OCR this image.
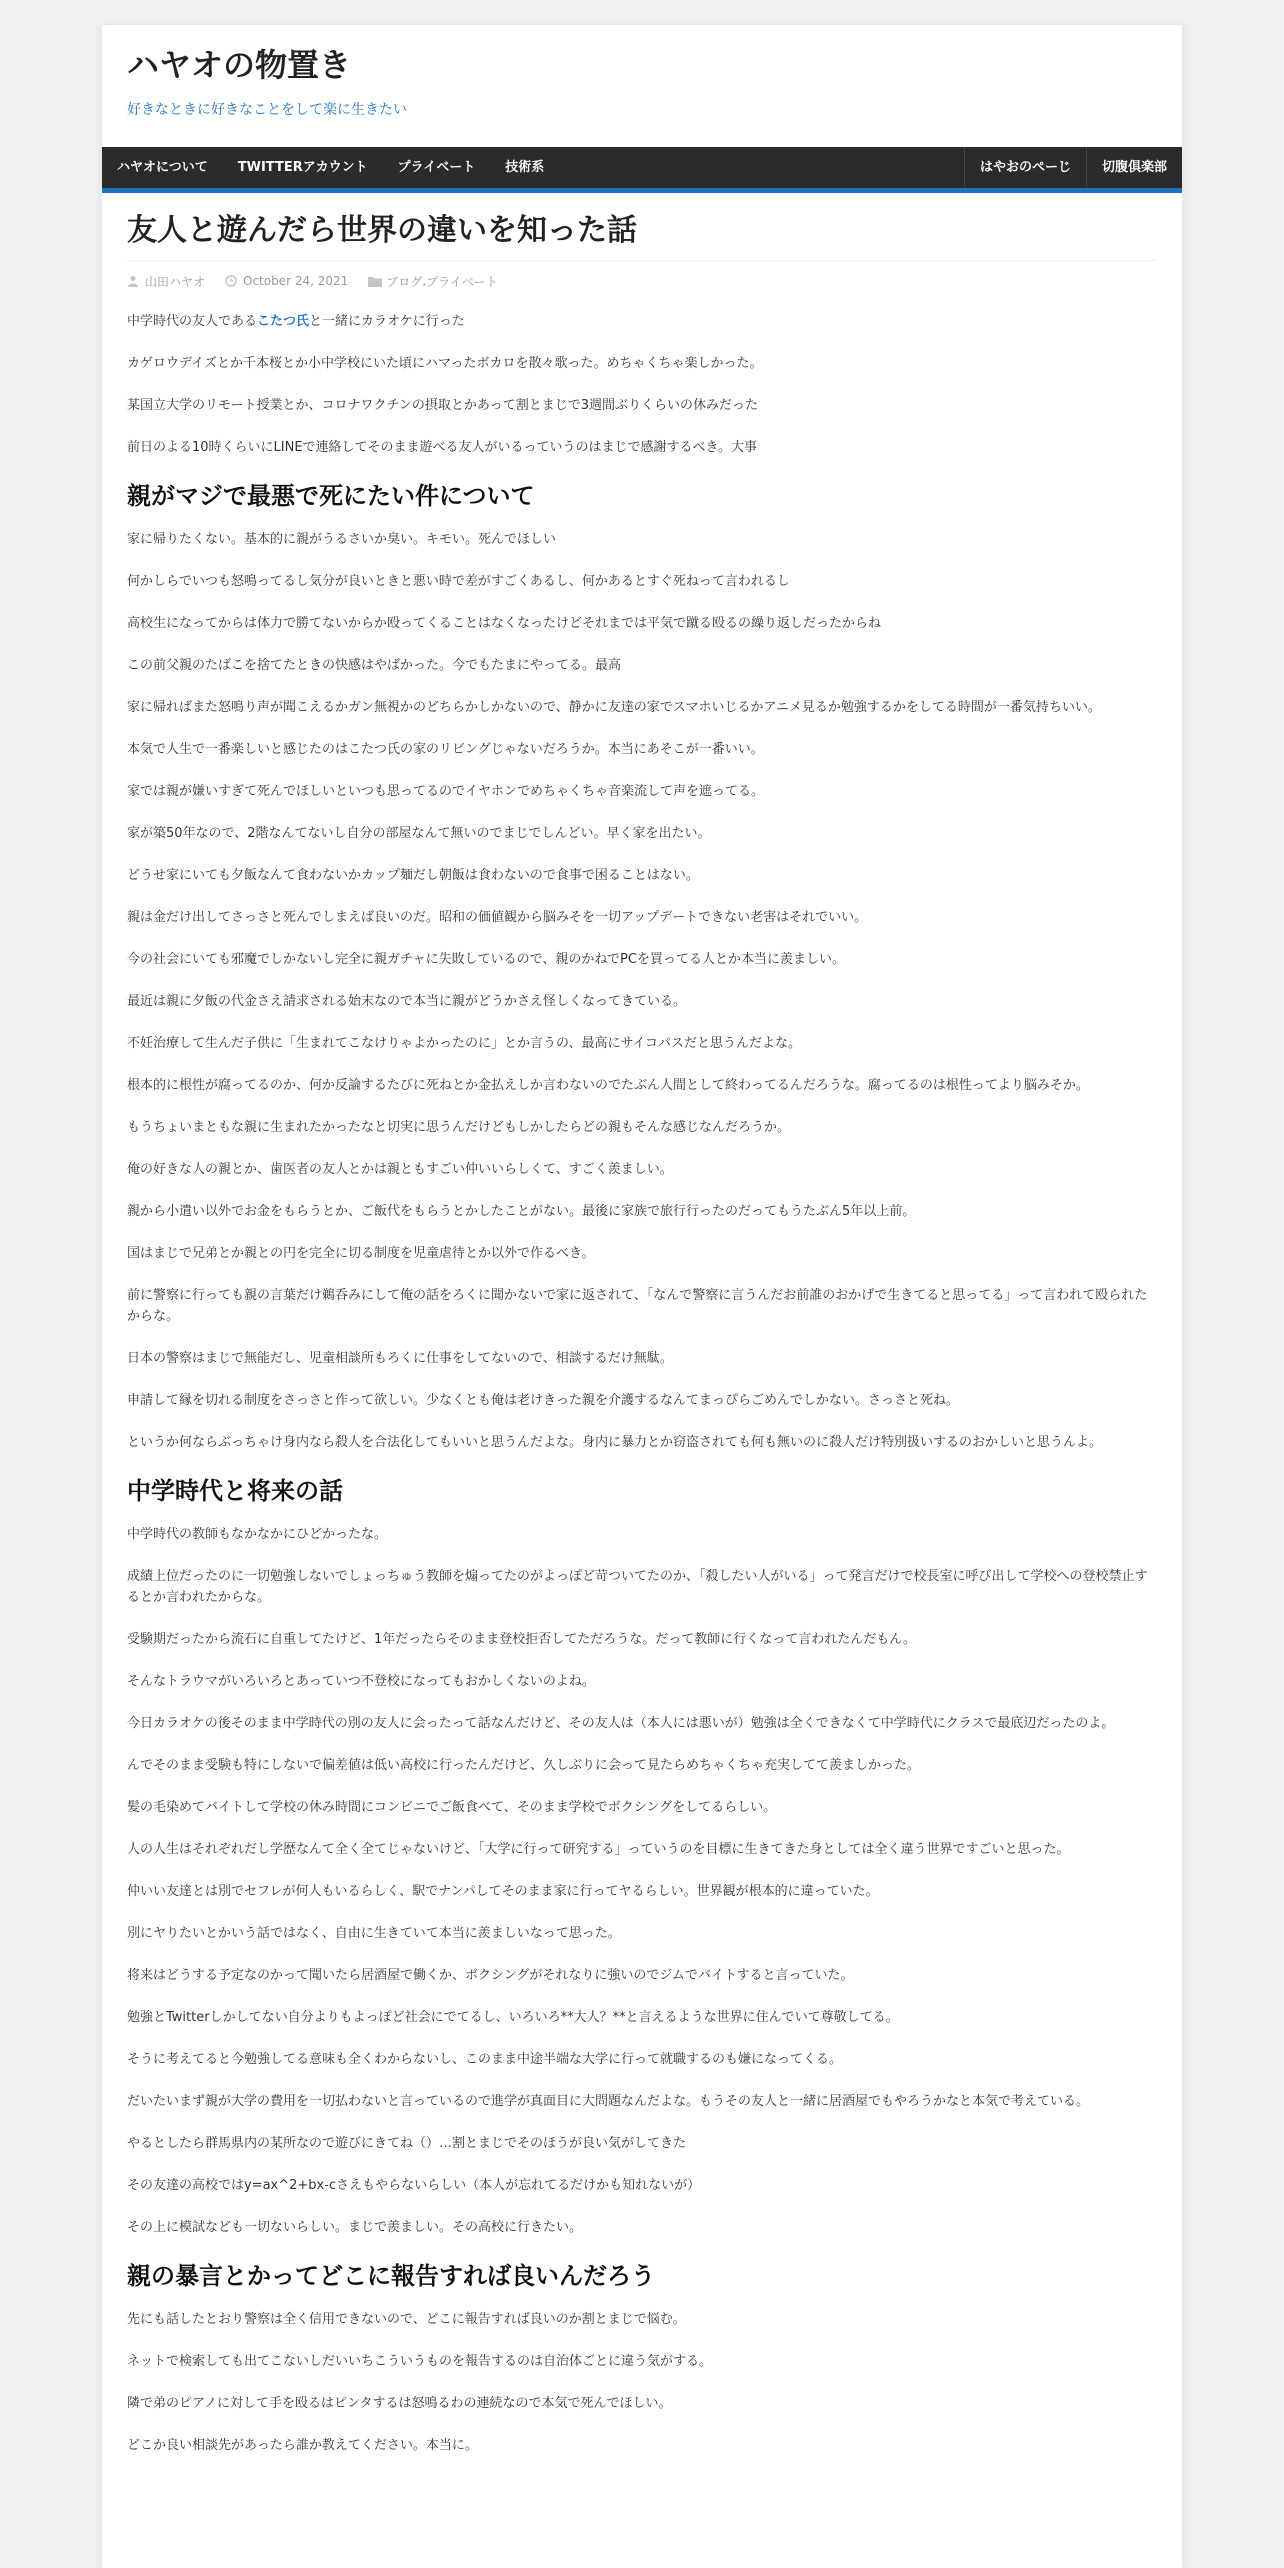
ハヤオの物置き

好きなときに好きなことをして楽に生きたい

ハヤオについて	TWITTERアカウント	プライベート	技術系	はやおのぺーじ	切腹倶楽部
友人と遊んだら世界の違いを知った話
山田ハヤオ	October 24, 2021	ブログ , プライベート

中学時代の友人であるこたつ氏と一緒にカラオケに行った

カゲロウデイズとか千本桜とか小中学校にいた頃にハマったボカロを散々歌った。めちゃくちゃ楽しかった。

某国立大学のリモート授業とか、コロナワクチンの摂取とかあって割とまじで3週間ぶりくらいの休みだった

前日のよる10時くらいにLINEで連絡してそのまま遊べる友人がいるっていうのはまじで感謝するべき。大事

親がマジで最悪で死にたい件について

家に帰りたくない。基本的に親がうるさいか臭い。キモい。死んでほしい

何かしらでいつも怒鳴ってるし気分が良いときと悪い時で差がすごくあるし、何かあるとすぐ死ねって言われるし

高校生になってからは体力で勝てないからか殴ってくることはなくなったけどそれまでは平気で蹴る殴るの繰り返しだったからね

この前父親のたばこを捨てたときの快感はやばかった。今でもたまにやってる。最高

家に帰ればまた怒鳴り声が聞こえるかガン無視かのどちらかしかないので、静かに友達の家でスマホいじるかアニメ見るか勉強するかをしてる時間が一番気持ちいい。

本気で人生で一番楽しいと感じたのはこたつ氏の家のリビングじゃないだろうか。本当にあそこが一番いい。

家では親が嫌いすぎて死んでほしいといつも思ってるのでイヤホンでめちゃくちゃ音楽流して声を遮ってる。

家が築50年なので、2階なんてないし自分の部屋なんて無いのでまじでしんどい。早く家を出たい。

どうせ家にいても夕飯なんて食わないかカップ麺だし朝飯は食わないので食事で困ることはない。

親は金だけ出してさっさと死んでしまえば良いのだ。昭和の価値観から脳みそを一切アップデートできない老害はそれでいい。

今の社会にいても邪魔でしかないし完全に親ガチャに失敗しているので、親のかねでPCを買ってる人とか本当に羨ましい。

最近は親に夕飯の代金さえ請求される始末なので本当に親がどうかさえ怪しくなってきている。

不妊治療して生んだ子供に「生まれてこなけりゃよかったのに」とか言うの、最高にサイコパスだと思うんだよな。

根本的に根性が腐ってるのか、何か反論するたびに死ねとか金払えしか言わないのでたぶん人間として終わってるんだろうな。腐ってるのは根性ってより脳みそか。

もうちょいまともな親に生まれたかったなと切実に思うんだけどもしかしたらどの親もそんな感じなんだろうか。

俺の好きな人の親とか、歯医者の友人とかは親ともすごい仲いいらしくて、すごく羨ましい。

親から小遣い以外でお金をもらうとか、ご飯代をもらうとかしたことがない。最後に家族で旅行行ったのだってもうたぶん5年以上前。

国はまじで兄弟とか親との円を完全に切る制度を児童虐待とか以外で作るべき。

前に警察に行っても親の言葉だけ鵜呑みにして俺の話をろくに聞かないで家に返されて、「なんで警察に言うんだお前誰のおかげで生きてると思ってる」って言われて殴られたからな。

日本の警察はまじで無能だし、児童相談所もろくに仕事をしてないので、相談するだけ無駄。

申請して縁を切れる制度をさっさと作って欲しい。少なくとも俺は老けきった親を介護するなんてまっぴらごめんでしかない。さっさと死ね。

というか何ならぶっちゃけ身内なら殺人を合法化してもいいと思うんだよな。身内に暴力とか窃盗されても何も無いのに殺人だけ特別扱いするのおかしいと思うんよ。

中学時代と将来の話

中学時代の教師もなかなかにひどかったな。

成績上位だったのに一切勉強しないでしょっちゅう教師を煽ってたのがよっぽど苛ついてたのか、「殺したい人がいる」って発言だけで校長室に呼び出して学校への登校禁止するとか言われたからな。

受験期だったから流石に自重してたけど、1年だったらそのまま登校拒否してただろうな。だって教師に行くなって言われたんだもん。

そんなトラウマがいろいろとあっていつ不登校になってもおかしくないのよね。

今日カラオケの後そのまま中学時代の別の友人に会ったって話なんだけど、その友人は（本人には悪いが）勉強は全くできなくて中学時代にクラスで最底辺だったのよ。

んでそのまま受験も特にしないで偏差値は低い高校に行ったんだけど、久しぶりに会って見たらめちゃくちゃ充実してて羨ましかった。

髪の毛染めてバイトして学校の休み時間にコンビニでご飯食べて、そのまま学校でボクシングをしてるらしい。

人の人生はそれぞれだし学歴なんて全く全てじゃないけど、「大学に行って研究する」っていうのを目標に生きてきた身としては全く違う世界ですごいと思った。

仲いい友達とは別でセフレが何人もいるらしく、駅でナンパしてそのまま家に行ってヤるらしい。世界観が根本的に違っていた。

別にヤりたいとかいう話ではなく、自由に生きていて本当に羨ましいなって思った。

将来はどうする予定なのかって聞いたら居酒屋で働くか、ボクシングがそれなりに強いのでジムでバイトすると言っていた。

勉強とTwitterしかしてない自分よりもよっぽど社会にでてるし、いろいろ**大人？**と言えるような世界に住んでいて尊敬してる。

そうに考えてると今勉強してる意味も全くわからないし、このまま中途半端な大学に行って就職するのも嫌になってくる。

だいたいまず親が大学の費用を一切払わないと言っているので進学が真面目に大問題なんだよな。もうその友人と一緒に居酒屋でもやろうかなと本気で考えている。

やるとしたら群馬県内の某所なので遊びにきてね（）…割とまじでそのほうが良い気がしてきた

その友達の高校ではy=ax^2+bx-cさえもやらないらしい（本人が忘れてるだけかも知れないが）

その上に模試なども一切ないらしい。まじで羨ましい。その高校に行きたい。

親の暴言とかってどこに報告すれば良いんだろう

先にも話したとおり警察は全く信用できないので、どこに報告すれば良いのか割とまじで悩む。

ネットで検索しても出てこないしだいいちこういうものを報告するのは自治体ごとに違う気がする。

隣で弟のピアノに対して手を殴るはピンタするは怒鳴るわの連続なので本気で死んでほしい。

どこか良い相談先があったら誰か教えてください。本当に。
